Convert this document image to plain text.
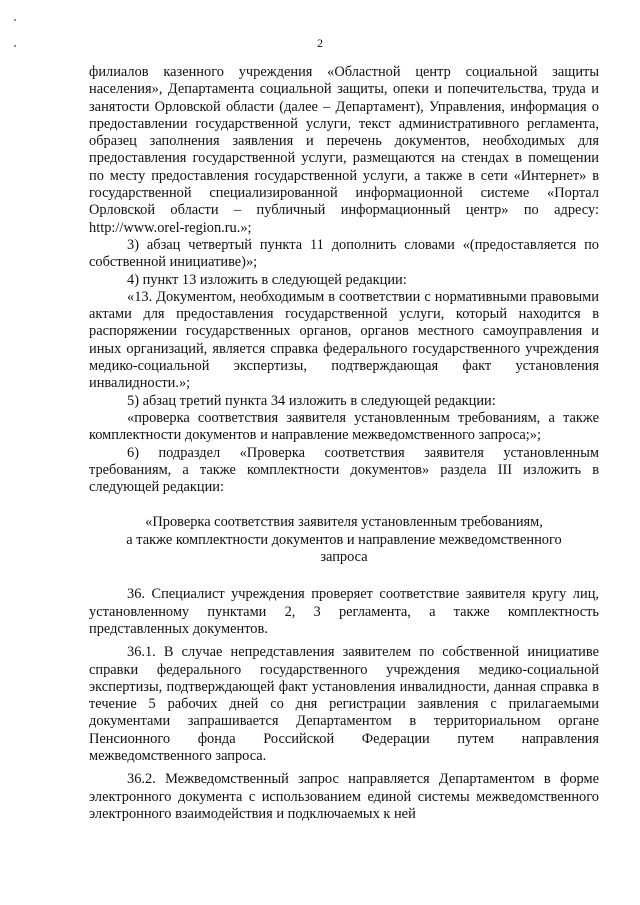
2

филиалов казенного учреждения «Областной центр социальной защиты населения», Департамента социальной защиты, опеки и попечительства, труда и занятости Орловской области (далее – Департамент), Управления, информация о предоставлении государственной услуги, текст административного регламента, образец заполнения заявления и перечень документов, необходимых для предоставления государственной услуги, размещаются на стендах в помещении по месту предоставления государственной услуги, а также в сети «Интернет» в государственной специализированной информационной системе «Портал Орловской области – публичный информационный центр» по адресу: http://www.orel-region.ru.»;

3) абзац четвертый пункта 11 дополнить словами «(предоставляется по собственной инициативе)»;

4) пункт 13 изложить в следующей редакции:

«13. Документом, необходимым в соответствии с нормативными правовыми актами для предоставления государственной услуги, который находится в распоряжении государственных органов, органов местного самоуправления и иных организаций, является справка федерального государственного учреждения медико-социальной экспертизы, подтверждающая факт установления инвалидности.»;

5) абзац третий пункта 34 изложить в следующей редакции:

«проверка соответствия заявителя установленным требованиям, а также комплектности документов и направление межведомственного запроса;»;

6) подраздел «Проверка соответствия заявителя установленным требованиям, а также комплектности документов» раздела III изложить в следующей редакции:

«Проверка соответствия заявителя установленным требованиям,
а также комплектности документов и направление межведомственного
запроса

36. Специалист учреждения проверяет соответствие заявителя кругу лиц, установленному пунктами 2, 3 регламента, а также комплектность представленных документов.

36.1. В случае непредставления заявителем по собственной инициативе справки федерального государственного учреждения медико-социальной экспертизы, подтверждающей факт установления инвалидности, данная справка в течение 5 рабочих дней со дня регистрации заявления с прилагаемыми документами запрашивается Департаментом в территориальном органе Пенсионного фонда Российской Федерации путем направления межведомственного запроса.

36.2. Межведомственный запрос направляется Департаментом в форме электронного документа с использованием единой системы межведомственного электронного взаимодействия и подключаемых к ней
